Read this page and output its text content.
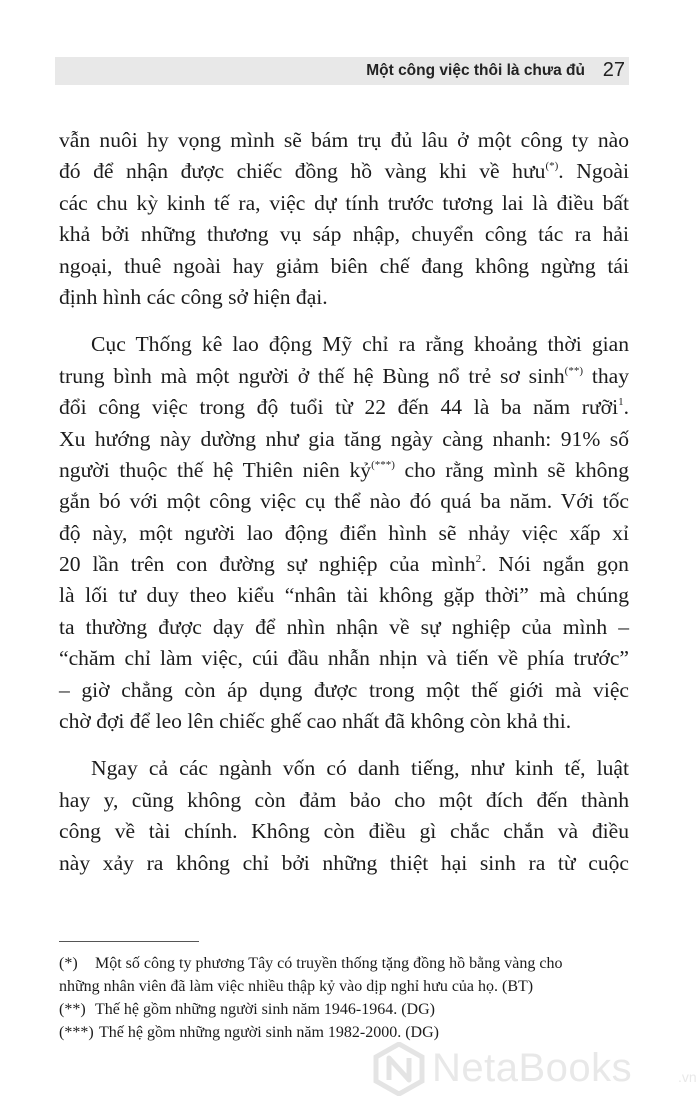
Một công việc thôi là chưa đủ 27
vẫn nuôi hy vọng mình sẽ bám trụ đủ lâu ở một công ty nào
đó để nhận được chiếc đồng hồ vàng khi về hưu(*). Ngoài
các chu kỳ kinh tế ra, việc dự tính trước tương lai là điều bất
khả bởi những thương vụ sáp nhập, chuyển công tác ra hải
ngoại, thuê ngoài hay giảm biên chế đang không ngừng tái
định hình các công sở hiện đại.
Cục Thống kê lao động Mỹ chỉ ra rằng khoảng thời gian
trung bình mà một người ở thế hệ Bùng nổ trẻ sơ sinh(**) thay
đổi công việc trong độ tuổi từ 22 đến 44 là ba năm rưỡi$^1$.
Xu hướng này dường như gia tăng ngày càng nhanh: 91% số
người thuộc thế hệ Thiên niên kỷ(***) cho rằng mình sẽ không
gắn bó với một công việc cụ thể nào đó quá ba năm. Với tốc
độ này, một người lao động điển hình sẽ nhảy việc xấp xỉ
20 lần trên con đường sự nghiệp của mình$^2$. Nói ngắn gọn
là lối tư duy theo kiểu “nhân tài không gặp thời” mà chúng
ta thường được dạy để nhìn nhận về sự nghiệp của mình –
“chăm chỉ làm việc, cúi đầu nhẫn nhịn và tiến về phía trước”
– giờ chẳng còn áp dụng được trong một thế giới mà việc
chờ đợi để leo lên chiếc ghế cao nhất đã không còn khả thi.
Ngay cả các ngành vốn có danh tiếng, như kinh tế, luật
hay y, cũng không còn đảm bảo cho một đích đến thành
công về tài chính. Không còn điều gì chắc chắn và điều
này xảy ra không chỉ bởi những thiệt hại sinh ra từ cuộc
(*) Một số công ty phương Tây có truyền thống tặng đồng hồ bằng vàng cho
những nhân viên đã làm việc nhiều thập kỷ vào dịp nghỉ hưu của họ. (BT)
(**) Thế hệ gồm những người sinh năm 1946-1964. (DG)
(***) Thế hệ gồm những người sinh năm 1982-2000. (DG)
NetaBooks	.vn
